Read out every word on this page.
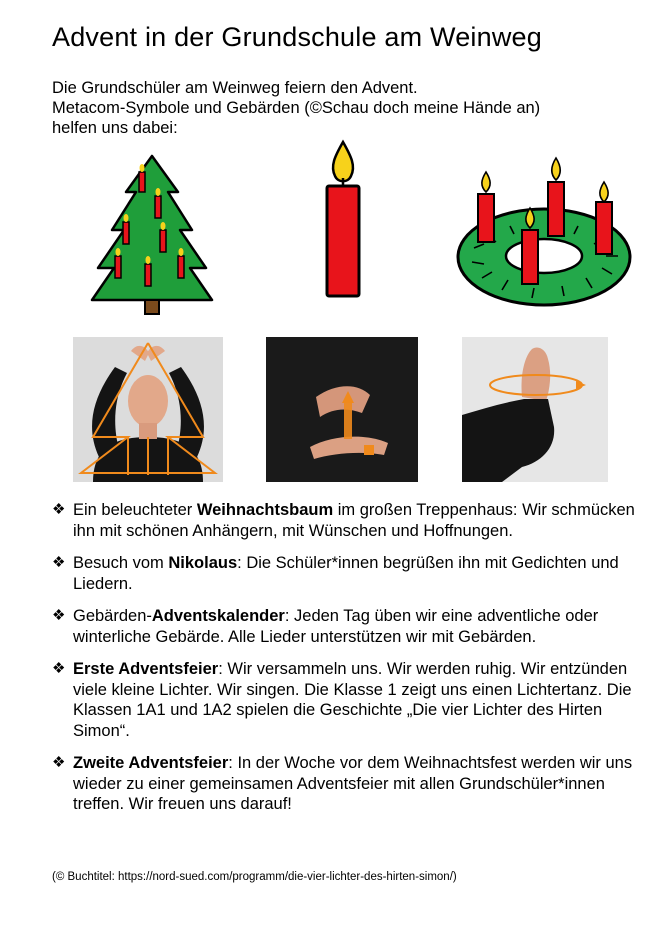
Advent in der Grundschule am Weinweg

Die Grundschüler am Weinweg feiern den Advent.
Metacom-Symbole und Gebärden (©Schau doch meine Hände an)
helfen uns dabei:

❖ Ein beleuchteter Weihnachtsbaum im großen Treppenhaus: Wir schmücken ihn mit schönen Anhängern, mit Wünschen und Hoffnungen.
❖ Besuch vom Nikolaus: Die Schüler*innen begrüßen ihn mit Gedichten und Liedern.
❖ Gebärden-Adventskalender: Jeden Tag üben wir eine adventliche oder winterliche Gebärde. Alle Lieder unterstützen wir mit Gebärden.
❖ Erste Adventsfeier: Wir versammeln uns. Wir werden ruhig. Wir entzünden viele kleine Lichter. Wir singen. Die Klasse 1 zeigt uns einen Lichtertanz. Die Klassen 1A1 und 1A2 spielen die Geschichte „Die vier Lichter des Hirten Simon“.
❖ Zweite Adventsfeier: In der Woche vor dem Weihnachtsfest werden wir uns wieder zu einer gemeinsamen Adventsfeier mit allen Grundschüler*innen treffen. Wir freuen uns darauf!

(© Buchtitel: https://nord-sued.com/programm/die-vier-lichter-des-hirten-simon/)
